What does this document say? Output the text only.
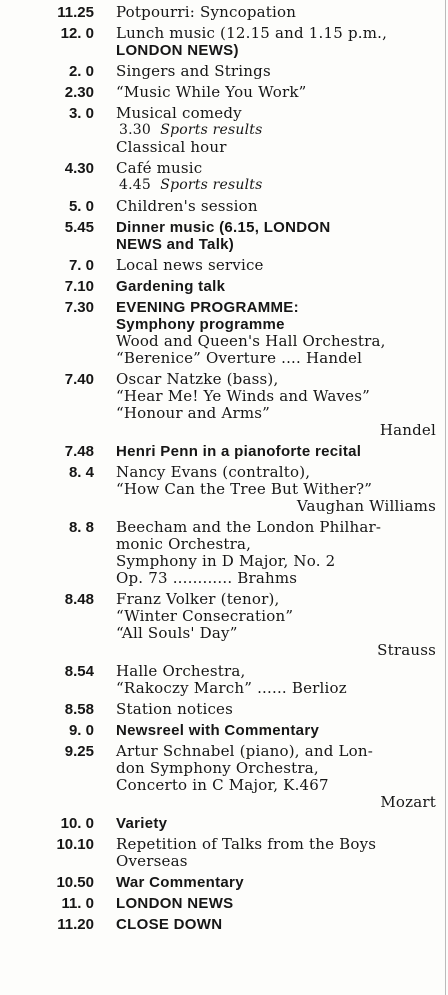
11.25 Potpourri: Syncopation
12. 0 Lunch music (12.15 and 1.15 p.m.,
LONDON NEWS)
2. 0 Singers and Strings
2.30 “Music While You Work”
3. 0 Musical comedy
3.30 Sports results
Classical hour
4.30 Café music
4.45 Sports results
5. 0 Children's session
5.45 Dinner music (6.15, LONDON
NEWS and Talk)
7. 0 Local news service
7.10 Gardening talk
7.30 EVENING PROGRAMME:
Symphony programme
Wood and Queen's Hall Orchestra,
“Berenice” Overture .... Handel
7.40 Oscar Natzke (bass),
“Hear Me! Ye Winds and Waves”
“Honour and Arms”
Handel
7.48 Henri Penn in a pianoforte recital
8. 4 Nancy Evans (contralto),
“How Can the Tree But Wither?”
Vaughan Williams
8. 8 Beecham and the London Philhar-
monic Orchestra,
Symphony in D Major, No. 2
Op. 73 ............ Brahms
8.48 Franz Volker (tenor),
“Winter Consecration”
“All Souls' Day”
Strauss
8.54 Halle Orchestra,
“Rakoczy March” ...... Berlioz
8.58 Station notices
9. 0 Newsreel with Commentary
9.25 Artur Schnabel (piano), and Lon-
don Symphony Orchestra,
Concerto in C Major, K.467
Mozart
10. 0 Variety
10.10 Repetition of Talks from the Boys
Overseas
10.50 War Commentary
11. 0 LONDON NEWS
11.20 CLOSE DOWN
